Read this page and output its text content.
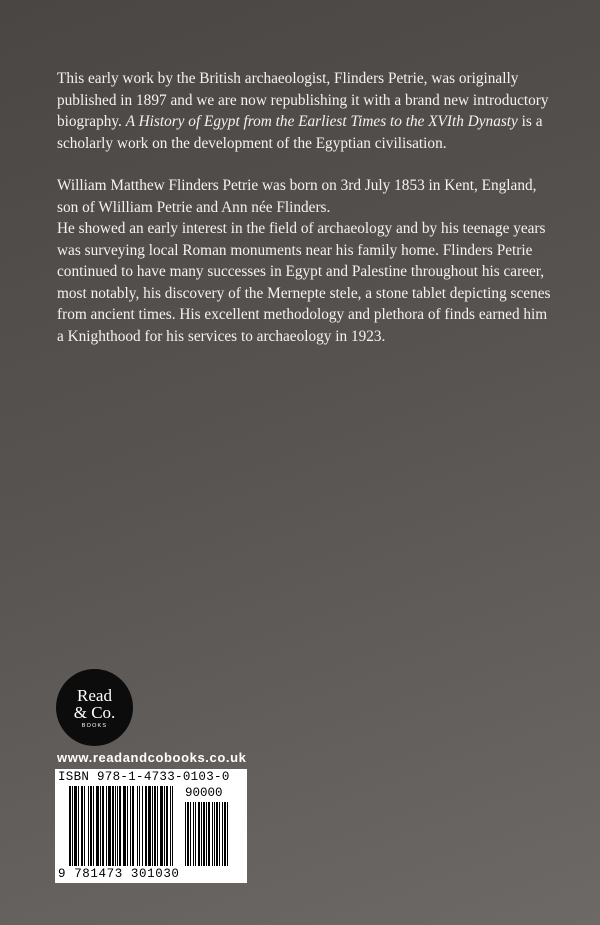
This early work by the British archaeologist, Flinders Petrie, was originally published in 1897 and we are now republishing it with a brand new introductory biography. A History of Egypt from the Earliest Times to the XVIth Dynasty is a scholarly work on the development of the Egyptian civilisation.

William Matthew Flinders Petrie was born on 3rd July 1853 in Kent, England, son of Wlilliam Petrie and Ann née Flinders.
He showed an early interest in the field of archaeology and by his teenage years was surveying local Roman monuments near his family home. Flinders Petrie continued to have many successes in Egypt and Palestine throughout his career, most notably, his discovery of the Mernepte stele, a stone tablet depicting scenes from ancient times. His excellent methodology and plethora of finds earned him a Knighthood for his services to archaeology in 1923.

Read
& Co.
BOOKS
www.readandcobooks.co.uk
ISBN 978-1-4733-0103-0
90000
9 781473 301030
